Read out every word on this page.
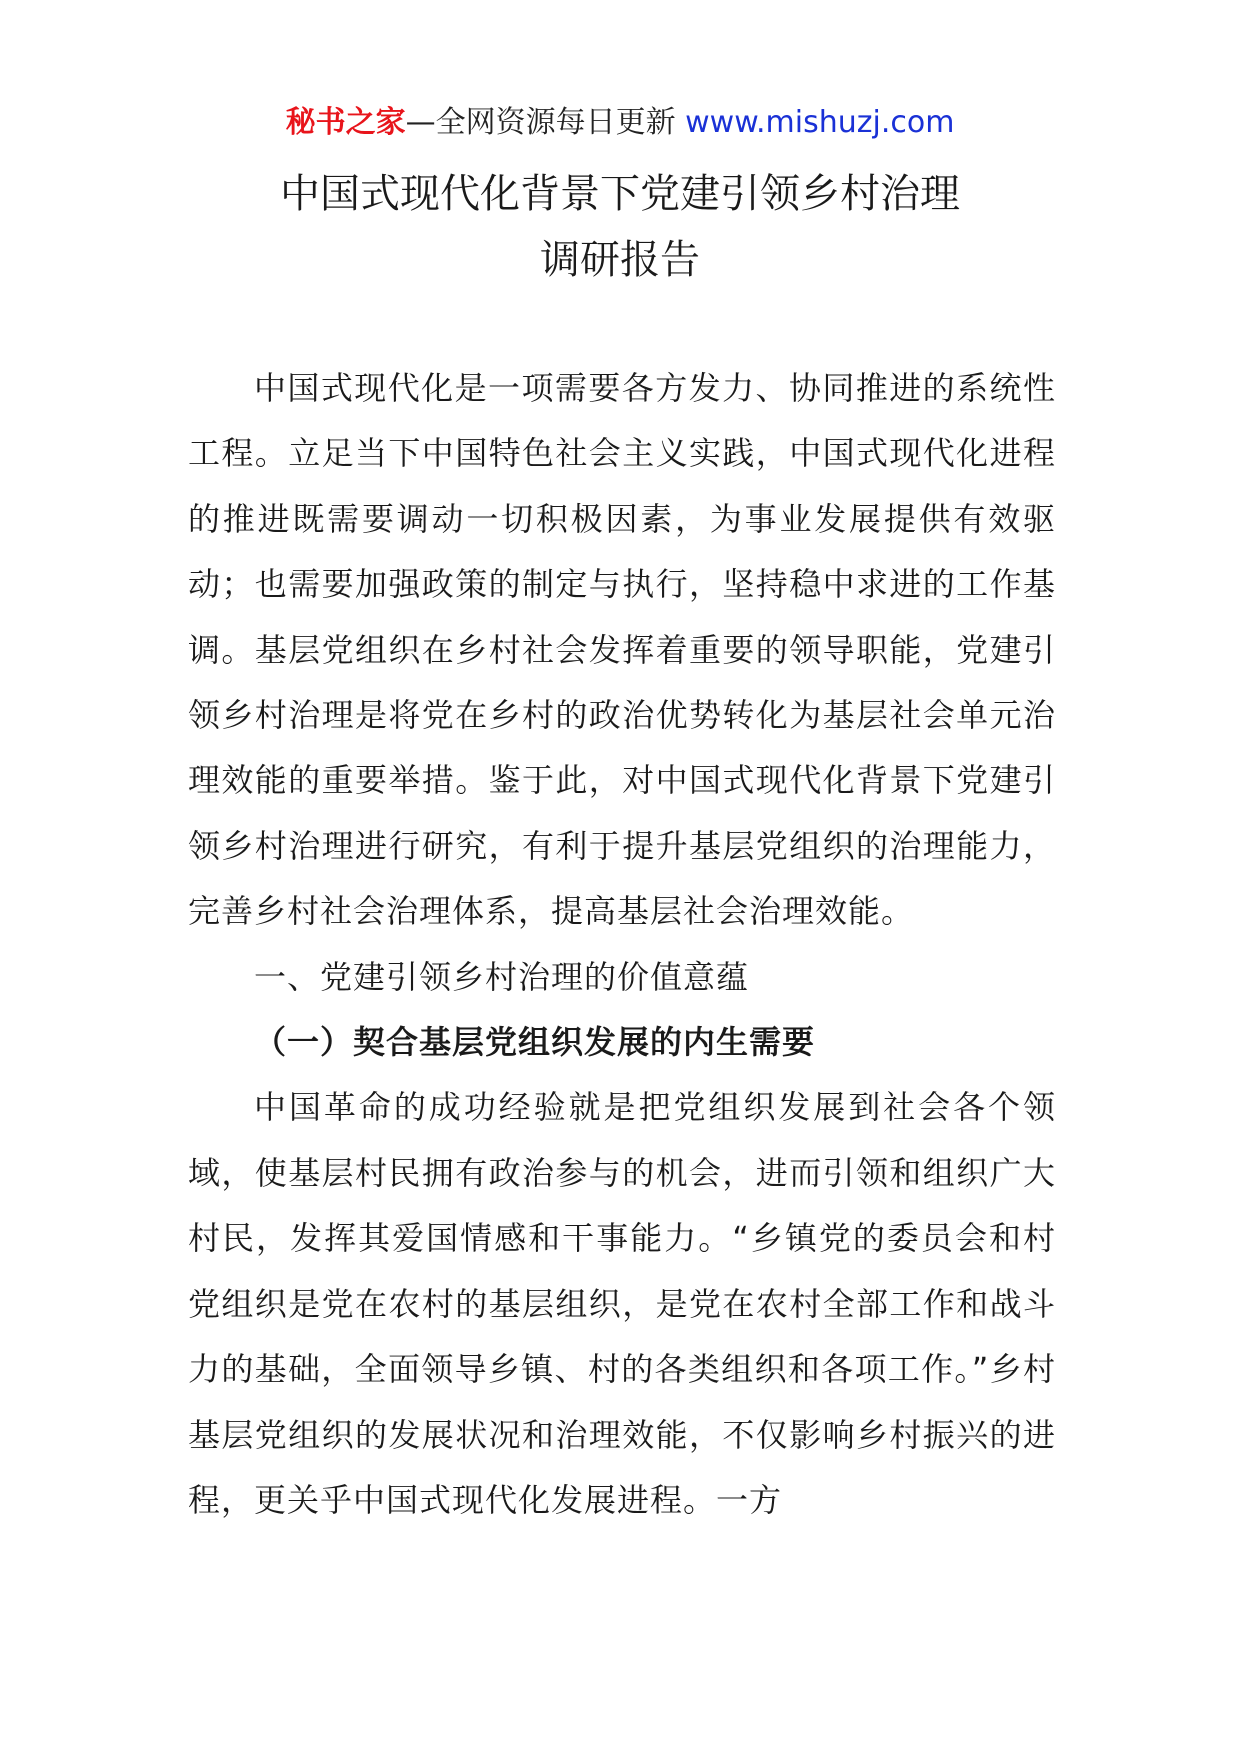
秘书之家—全网资源每日更新 www.mishuzj.com
中国式现代化背景下党建引领乡村治理
调研报告

中国式现代化是一项需要各方发力、协同推进的系统性工程。立足当下中国特色社会主义实践，中国式现代化进程的推进既需要调动一切积极因素，为事业发展提供有效驱动；也需要加强政策的制定与执行，坚持稳中求进的工作基调。基层党组织在乡村社会发挥着重要的领导职能，党建引领乡村治理是将党在乡村的政治优势转化为基层社会单元治理效能的重要举措。鉴于此，对中国式现代化背景下党建引领乡村治理进行研究，有利于提升基层党组织的治理能力，完善乡村社会治理体系，提高基层社会治理效能。

一、党建引领乡村治理的价值意蕴

（一）契合基层党组织发展的内生需要

中国革命的成功经验就是把党组织发展到社会各个领域，使基层村民拥有政治参与的机会，进而引领和组织广大村民，发挥其爱国情感和干事能力。“乡镇党的委员会和村党组织是党在农村的基层组织，是党在农村全部工作和战斗力的基础，全面领导乡镇、村的各类组织和各项工作。”乡村基层党组织的发展状况和治理效能，不仅影响乡村振兴的进程，更关乎中国式现代化发展进程。一方
